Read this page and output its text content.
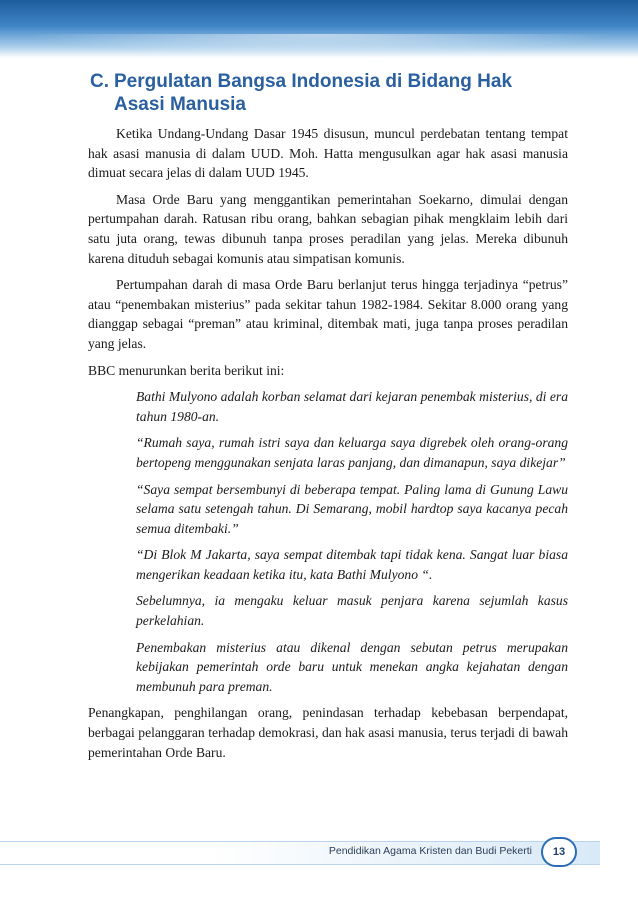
C. Pergulatan Bangsa Indonesia di Bidang Hak Asasi Manusia

Ketika Undang-Undang Dasar 1945 disusun, muncul perdebatan tentang tempat hak asasi manusia di dalam UUD. Moh. Hatta mengusulkan agar hak asasi manusia dimuat secara jelas di dalam UUD 1945.

Masa Orde Baru yang menggantikan pemerintahan Soekarno, dimulai dengan pertumpahan darah. Ratusan ribu orang, bahkan sebagian pihak mengklaim lebih dari satu juta orang, tewas dibunuh tanpa proses peradilan yang jelas. Mereka dibunuh karena dituduh sebagai komunis atau simpatisan komunis.

Pertumpahan darah di masa Orde Baru berlanjut terus hingga terjadinya “petrus” atau “penembakan misterius” pada sekitar tahun 1982-1984. Sekitar 8.000 orang yang dianggap sebagai “preman” atau kriminal, ditembak mati, juga tanpa proses peradilan yang jelas.

BBC menurunkan berita berikut ini:

Bathi Mulyono adalah korban selamat dari kejaran penembak misterius, di era tahun 1980-an.

“Rumah saya, rumah istri saya dan keluarga saya digrebek oleh orang-orang bertopeng menggunakan senjata laras panjang, dan dimanapun, saya dikejar”

“Saya sempat bersembunyi di beberapa tempat. Paling lama di Gunung Lawu selama satu setengah tahun. Di Semarang, mobil hardtop saya kacanya pecah semua ditembaki.”

“Di Blok M Jakarta, saya sempat ditembak tapi tidak kena. Sangat luar biasa mengerikan keadaan ketika itu, kata Bathi Mulyono “.

Sebelumnya, ia mengaku keluar masuk penjara karena sejumlah kasus perkelahian.

Penembakan misterius atau dikenal dengan sebutan petrus merupakan kebijakan pemerintah orde baru untuk menekan angka kejahatan dengan membunuh para preman.

Penangkapan, penghilangan orang, penindasan terhadap kebebasan berpendapat, berbagai pelanggaran terhadap demokrasi, dan hak asasi manusia, terus terjadi di bawah pemerintahan Orde Baru.

Pendidikan Agama Kristen dan Budi Pekerti	13
